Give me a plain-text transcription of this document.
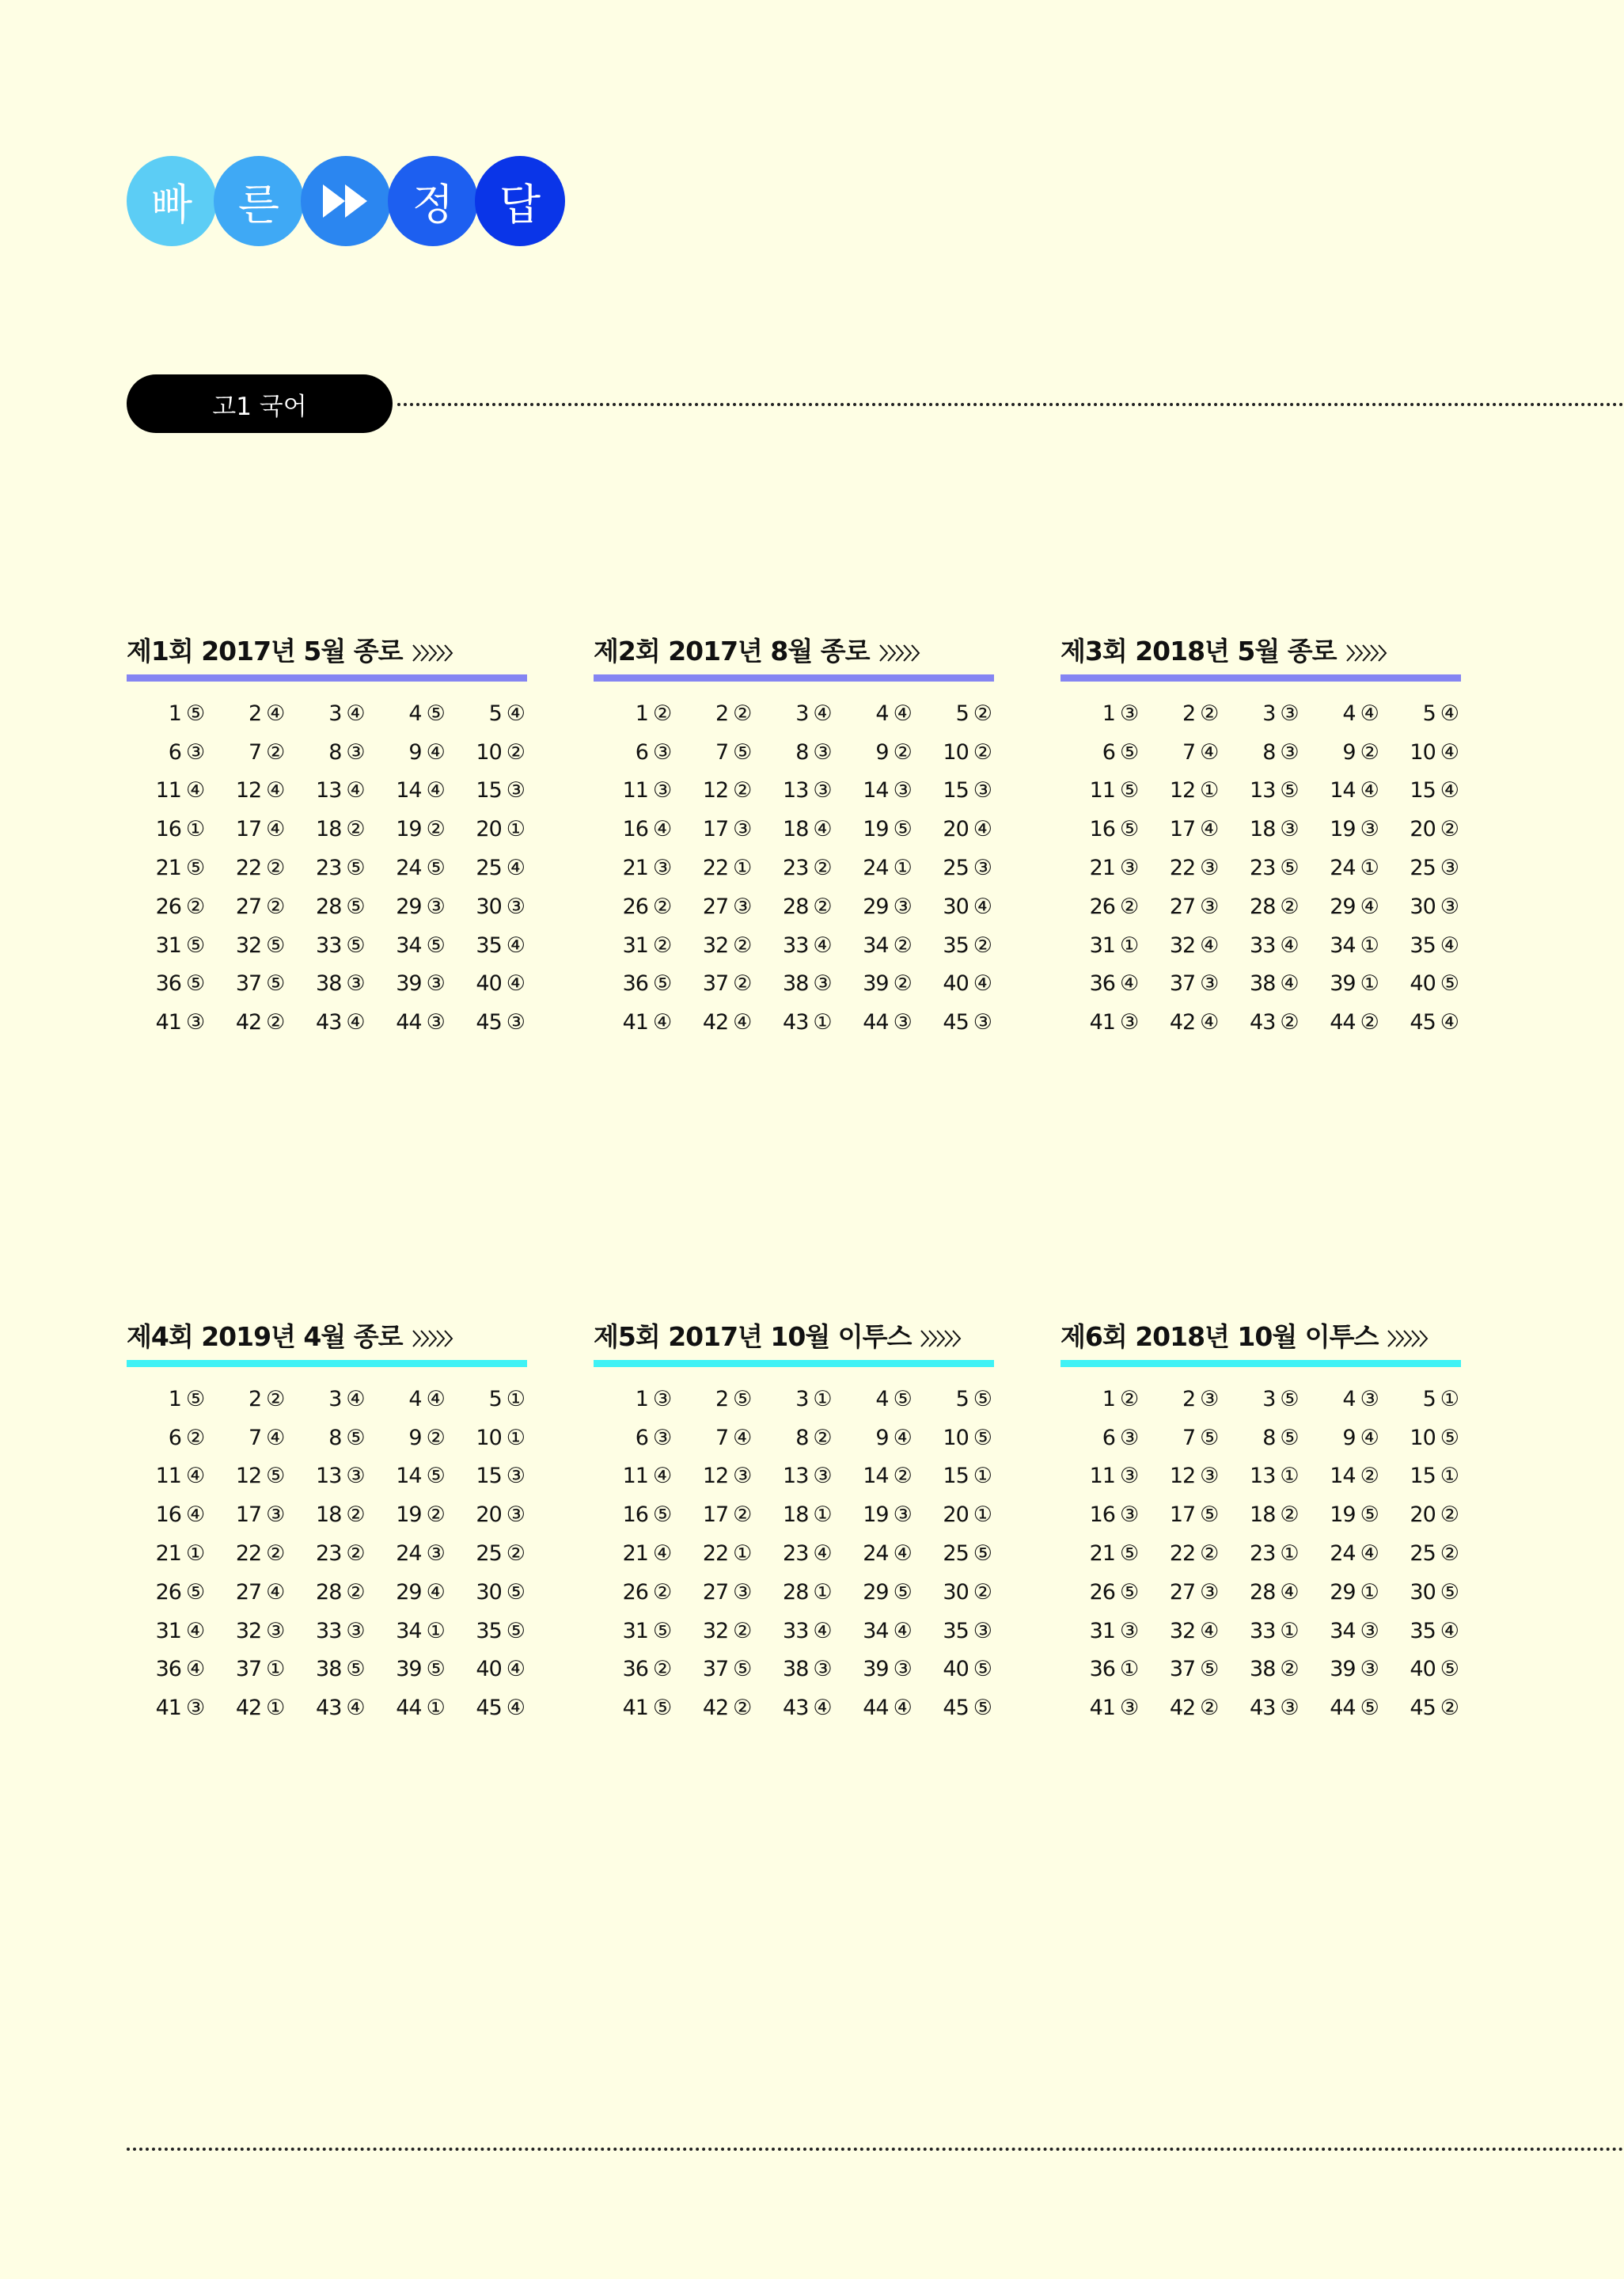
빠 른	정 답
고1 국어
제1회 2017년 5월 종로
1 ⑤ 2 ④ 3 ④ 4 ⑤ 5 ④
6 ③ 7 ② 8 ③ 9 ④ 10 ②
11 ④ 12 ④ 13 ④ 14 ④ 15 ③
16 ① 17 ④ 18 ② 19 ② 20 ①
21 ⑤ 22 ② 23 ⑤ 24 ⑤ 25 ④
26 ② 27 ② 28 ⑤ 29 ③ 30 ③
31 ⑤ 32 ⑤ 33 ⑤ 34 ⑤ 35 ④
36 ⑤ 37 ⑤ 38 ③ 39 ③ 40 ④
41 ③ 42 ② 43 ④ 44 ③ 45 ③
제2회 2017년 8월 종로
1 ② 2 ② 3 ④ 4 ④ 5 ②
6 ③ 7 ⑤ 8 ③ 9 ② 10 ②
11 ③ 12 ② 13 ③ 14 ③ 15 ③
16 ④ 17 ③ 18 ④ 19 ⑤ 20 ④
21 ③ 22 ① 23 ② 24 ① 25 ③
26 ② 27 ③ 28 ② 29 ③ 30 ④
31 ② 32 ② 33 ④ 34 ② 35 ②
36 ⑤ 37 ② 38 ③ 39 ② 40 ④
41 ④ 42 ④ 43 ① 44 ③ 45 ③
제3회 2018년 5월 종로
1 ③ 2 ② 3 ③ 4 ④ 5 ④
6 ⑤ 7 ④ 8 ③ 9 ② 10 ④
11 ⑤ 12 ① 13 ⑤ 14 ④ 15 ④
16 ⑤ 17 ④ 18 ③ 19 ③ 20 ②
21 ③ 22 ③ 23 ⑤ 24 ① 25 ③
26 ② 27 ③ 28 ② 29 ④ 30 ③
31 ① 32 ④ 33 ④ 34 ① 35 ④
36 ④ 37 ③ 38 ④ 39 ① 40 ⑤
41 ③ 42 ④ 43 ② 44 ② 45 ④
제4회 2019년 4월 종로
1 ⑤ 2 ② 3 ④ 4 ④ 5 ①
6 ② 7 ④ 8 ⑤ 9 ② 10 ①
11 ④ 12 ⑤ 13 ③ 14 ⑤ 15 ③
16 ④ 17 ③ 18 ② 19 ② 20 ③
21 ① 22 ② 23 ② 24 ③ 25 ②
26 ⑤ 27 ④ 28 ② 29 ④ 30 ⑤
31 ④ 32 ③ 33 ③ 34 ① 35 ⑤
36 ④ 37 ① 38 ⑤ 39 ⑤ 40 ④
41 ③ 42 ① 43 ④ 44 ① 45 ④
제5회 2017년 10월 이투스
1 ③ 2 ⑤ 3 ① 4 ⑤ 5 ⑤
6 ③ 7 ④ 8 ② 9 ④ 10 ⑤
11 ④ 12 ③ 13 ③ 14 ② 15 ①
16 ⑤ 17 ② 18 ① 19 ③ 20 ①
21 ④ 22 ① 23 ④ 24 ④ 25 ⑤
26 ② 27 ③ 28 ① 29 ⑤ 30 ②
31 ⑤ 32 ② 33 ④ 34 ④ 35 ③
36 ② 37 ⑤ 38 ③ 39 ③ 40 ⑤
41 ⑤ 42 ② 43 ④ 44 ④ 45 ⑤
제6회 2018년 10월 이투스
1 ② 2 ③ 3 ⑤ 4 ③ 5 ①
6 ③ 7 ⑤ 8 ⑤ 9 ④ 10 ⑤
11 ③ 12 ③ 13 ① 14 ② 15 ①
16 ③ 17 ⑤ 18 ② 19 ⑤ 20 ②
21 ⑤ 22 ② 23 ① 24 ④ 25 ②
26 ⑤ 27 ③ 28 ④ 29 ① 30 ⑤
31 ③ 32 ④ 33 ① 34 ③ 35 ④
36 ① 37 ⑤ 38 ② 39 ③ 40 ⑤
41 ③ 42 ② 43 ③ 44 ⑤ 45 ②
